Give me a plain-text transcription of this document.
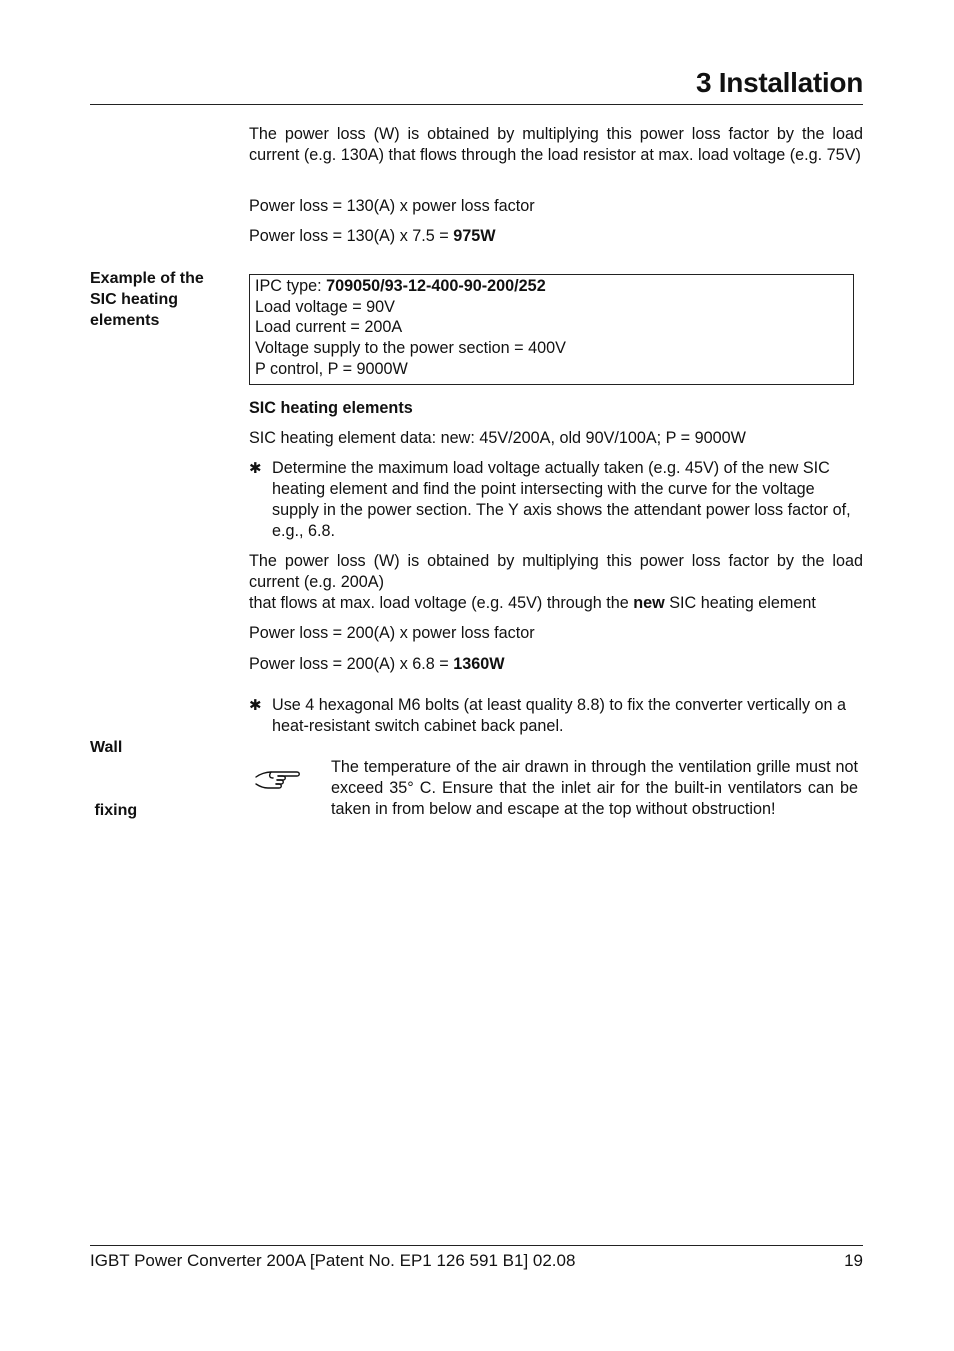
3 Installation
The power loss (W) is obtained by multiplying this power loss factor by the load current (e.g. 130A) that flows through the load resistor at max. load voltage (e.g. 75V)
Power loss = 130(A) x power loss factor
Power loss = 130(A) x 7.5 = 975W
Example of the
SIC heating
elements
IPC type: 709050/93-12-400-90-200/252
Load voltage = 90V
Load current = 200A
Voltage supply to the power section = 400V
P control, P = 9000W
SIC heating elements
SIC heating element data: new: 45V/200A, old 90V/100A; P = 9000W
✱ Determine the maximum load voltage actually taken (e.g. 45V) of the new SIC heating element and find the point intersecting with the curve for the voltage supply in the power section. The Y axis shows the attendant power loss factor of, e.g., 6.8.
The power loss (W) is obtained by multiplying this power loss factor by the load current (e.g. 200A)
that flows at max. load voltage (e.g. 45V) through the new SIC heating element
Power loss = 200(A) x power loss factor
Power loss = 200(A) x 6.8 = 1360W

Wall

fixing

✱ Use 4 hexagonal M6 bolts (at least quality 8.8) to fix the converter vertically on a heat-resistant switch cabinet back panel.
The temperature of the air drawn in through the ventilation grille must not exceed 35° C. Ensure that the inlet air for the built-in ventilators can be taken in from below and escape at the top without obstruction!
IGBT Power Converter 200A [Patent No. EP1 126 591 B1] 02.08	19
